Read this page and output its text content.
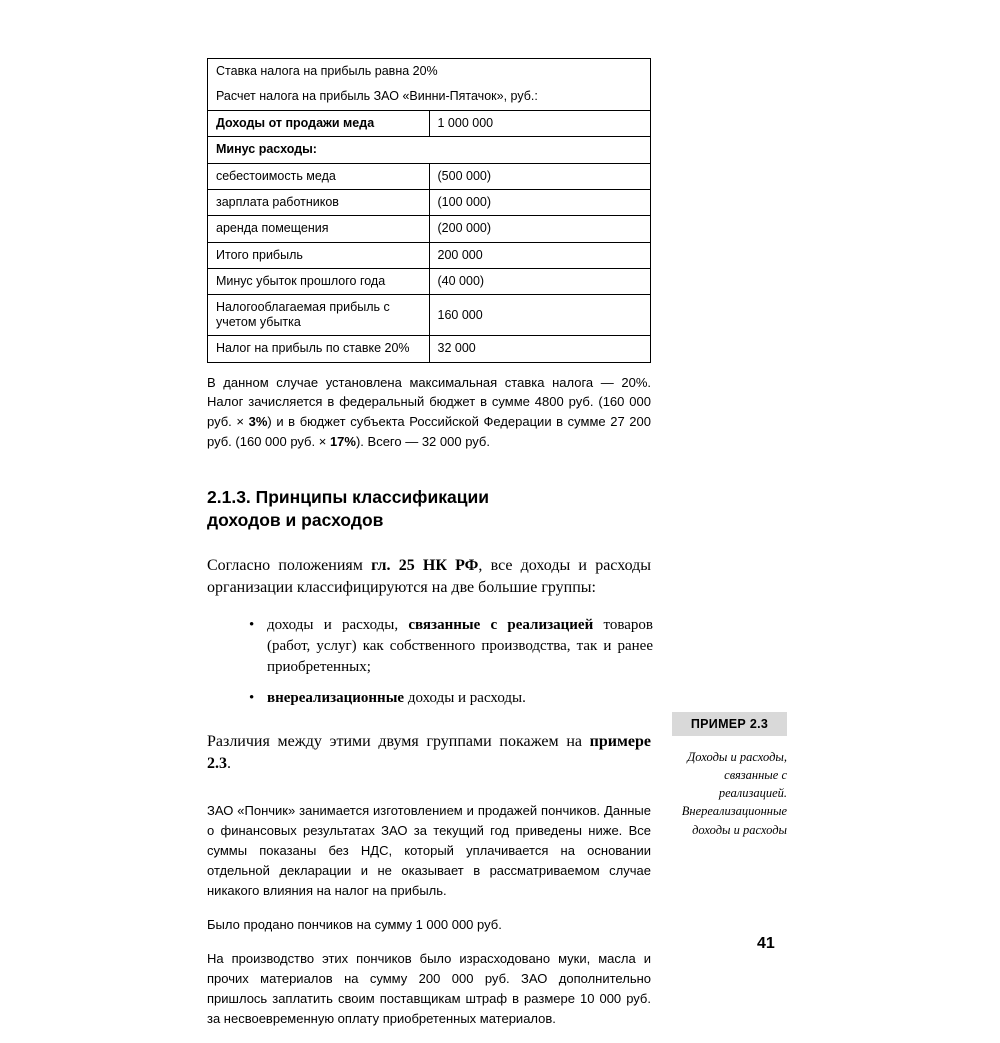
Ставка налога на прибыль равна 20%	
Расчет налога на прибыль ЗАО «Винни-Пятачок», руб.:	
Доходы от продажи меда	1 000 000
Минус расходы:	
себестоимость меда	(500 000)
зарплата работников	(100 000)
аренда помещения	(200 000)
Итого прибыль	200 000
Минус убыток прошлого года	(40 000)
Налогооблагаемая прибыль с учетом убытка	160 000
Налог на прибыль по ставке 20%	32 000

В данном случае установлена максимальная ставка налога — 20%. Налог зачисляется в федеральный бюджет в сумме 4800 руб. (160 000 руб. × 3%) и в бюджет субъекта Российской Федерации в сумме 27 200 руб. (160 000 руб. × 17%). Всего — 32 000 руб.

2.1.3. Принципы классификации
доходов и расходов

Согласно положениям гл. 25 НК РФ, все доходы и расходы организации классифицируются на две большие группы:

• доходы и расходы, связанные с реализацией товаров (работ, услуг) как собственного производства, так и ранее приобретенных;
• внереализационные доходы и расходы.

Различия между этими двумя группами покажем на примере 2.3.

ЗАО «Пончик» занимается изготовлением и продажей пончиков. Данные о финансовых результатах ЗАО за текущий год приведены ниже. Все суммы показаны без НДС, который уплачивается на основании отдельной декларации и не оказывает в рассматриваемом случае никакого влияния на налог на прибыль.

Было продано пончиков на сумму 1 000 000 руб.

На производство этих пончиков было израсходовано муки, масла и прочих материалов на сумму 200 000 руб. ЗАО дополнительно пришлось заплатить своим поставщикам штраф в размере 10 000 руб. за несвоевременную оплату приобретенных материалов.

ПРИМЕР 2.3
Доходы и расходы, связанные с реализацией. Внереализационные доходы и расходы
41
